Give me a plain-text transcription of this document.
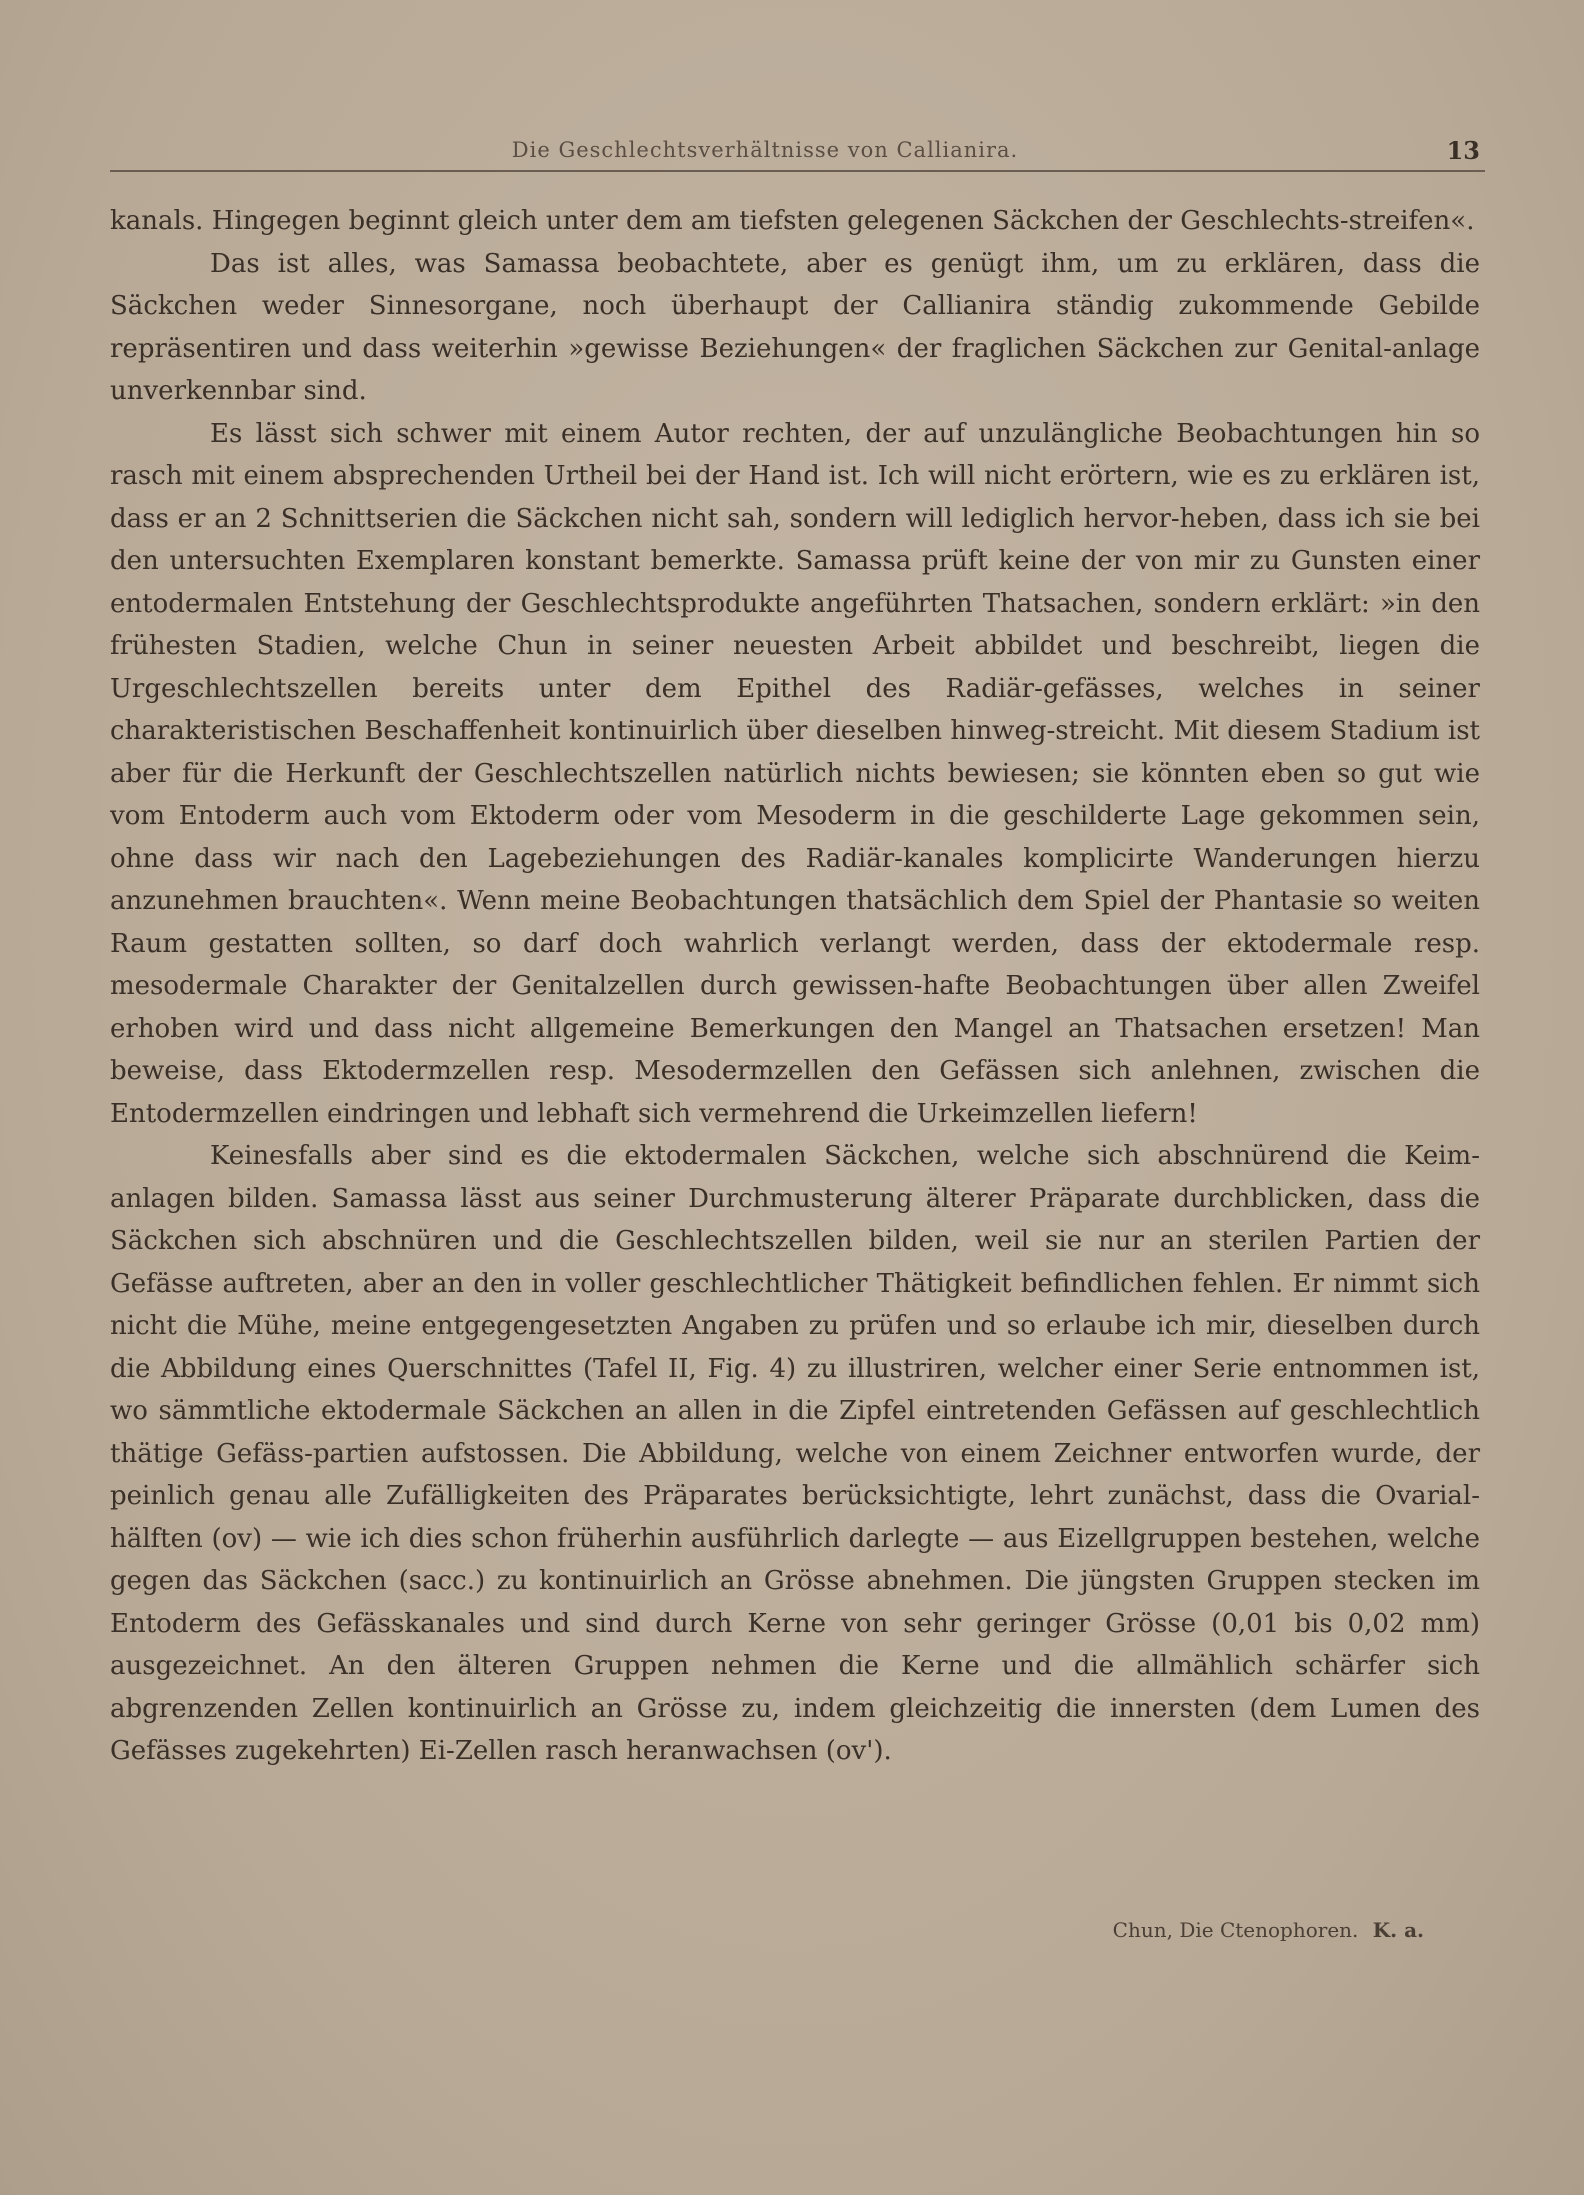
Die Geschlechtsverhältnisse von Callianira.	13

kanals. Hingegen beginnt gleich unter dem am tiefsten gelegenen Säckchen der Geschlechts-streifen«.

Das ist alles, was Samassa beobachtete, aber es genügt ihm, um zu erklären, dass die Säckchen weder Sinnesorgane, noch überhaupt der Callianira ständig zukommende Gebilde repräsentiren und dass weiterhin »gewisse Beziehungen« der fraglichen Säckchen zur Genital-anlage unverkennbar sind.

Es lässt sich schwer mit einem Autor rechten, der auf unzulängliche Beobachtungen hin so rasch mit einem absprechenden Urtheil bei der Hand ist. Ich will nicht erörtern, wie es zu erklären ist, dass er an 2 Schnittserien die Säckchen nicht sah, sondern will lediglich hervor-heben, dass ich sie bei den untersuchten Exemplaren konstant bemerkte. Samassa prüft keine der von mir zu Gunsten einer entodermalen Entstehung der Geschlechtsprodukte angeführten Thatsachen, sondern erklärt: »in den frühesten Stadien, welche Chun in seiner neuesten Arbeit abbildet und beschreibt, liegen die Urgeschlechtszellen bereits unter dem Epithel des Radiär-gefässes, welches in seiner charakteristischen Beschaffenheit kontinuirlich über dieselben hinweg-streicht. Mit diesem Stadium ist aber für die Herkunft der Geschlechtszellen natürlich nichts bewiesen; sie könnten eben so gut wie vom Entoderm auch vom Ektoderm oder vom Mesoderm in die geschilderte Lage gekommen sein, ohne dass wir nach den Lagebeziehungen des Radiär-kanales komplicirte Wanderungen hierzu anzunehmen brauchten«. Wenn meine Beobachtungen thatsächlich dem Spiel der Phantasie so weiten Raum gestatten sollten, so darf doch wahrlich verlangt werden, dass der ektodermale resp. mesodermale Charakter der Genitalzellen durch gewissen-hafte Beobachtungen über allen Zweifel erhoben wird und dass nicht allgemeine Bemerkungen den Mangel an Thatsachen ersetzen! Man beweise, dass Ektodermzellen resp. Mesodermzellen den Gefässen sich anlehnen, zwischen die Entodermzellen eindringen und lebhaft sich vermehrend die Urkeimzellen liefern!

Keinesfalls aber sind es die ektodermalen Säckchen, welche sich abschnürend die Keim-anlagen bilden. Samassa lässt aus seiner Durchmusterung älterer Präparate durchblicken, dass die Säckchen sich abschnüren und die Geschlechtszellen bilden, weil sie nur an sterilen Partien der Gefässe auftreten, aber an den in voller geschlechtlicher Thätigkeit befindlichen fehlen. Er nimmt sich nicht die Mühe, meine entgegengesetzten Angaben zu prüfen und so erlaube ich mir, dieselben durch die Abbildung eines Querschnittes (Tafel II, Fig. 4) zu illustriren, welcher einer Serie entnommen ist, wo sämmtliche ektodermale Säckchen an allen in die Zipfel eintretenden Gefässen auf geschlechtlich thätige Gefäss-partien aufstossen. Die Abbildung, welche von einem Zeichner entworfen wurde, der peinlich genau alle Zufälligkeiten des Präparates berücksichtigte, lehrt zunächst, dass die Ovarial-hälften (ov) — wie ich dies schon früherhin ausführlich darlegte — aus Eizellgruppen bestehen, welche gegen das Säckchen (sacc.) zu kontinuirlich an Grösse abnehmen. Die jüngsten Gruppen stecken im Entoderm des Gefässkanales und sind durch Kerne von sehr geringer Grösse (0,01 bis 0,02 mm) ausgezeichnet. An den älteren Gruppen nehmen die Kerne und die allmählich schärfer sich abgrenzenden Zellen kontinuirlich an Grösse zu, indem gleichzeitig die innersten (dem Lumen des Gefässes zugekehrten) Ei-Zellen rasch heranwachsen (ov').

Chun, Die Ctenophoren. K. a.
